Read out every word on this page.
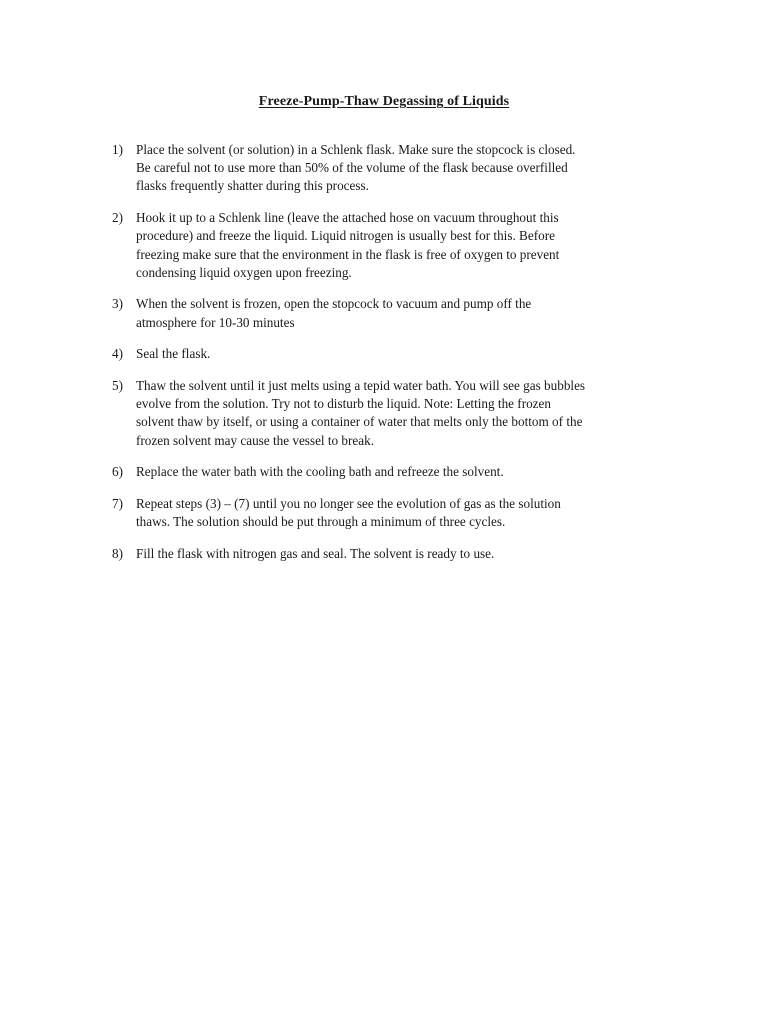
Freeze-Pump-Thaw Degassing of Liquids
1) Place the solvent (or solution) in a Schlenk flask. Make sure the stopcock is closed.
Be careful not to use more than 50% of the volume of the flask because overfilled
flasks frequently shatter during this process.
2) Hook it up to a Schlenk line (leave the attached hose on vacuum throughout this
procedure) and freeze the liquid. Liquid nitrogen is usually best for this. Before
freezing make sure that the environment in the flask is free of oxygen to prevent
condensing liquid oxygen upon freezing.
3) When the solvent is frozen, open the stopcock to vacuum and pump off the
atmosphere for 10-30 minutes
4) Seal the flask.
5) Thaw the solvent until it just melts using a tepid water bath. You will see gas bubbles
evolve from the solution. Try not to disturb the liquid. Note: Letting the frozen
solvent thaw by itself, or using a container of water that melts only the bottom of the
frozen solvent may cause the vessel to break.
6) Replace the water bath with the cooling bath and refreeze the solvent.
7) Repeat steps (3) – (7) until you no longer see the evolution of gas as the solution
thaws. The solution should be put through a minimum of three cycles.
8) Fill the flask with nitrogen gas and seal. The solvent is ready to use.
